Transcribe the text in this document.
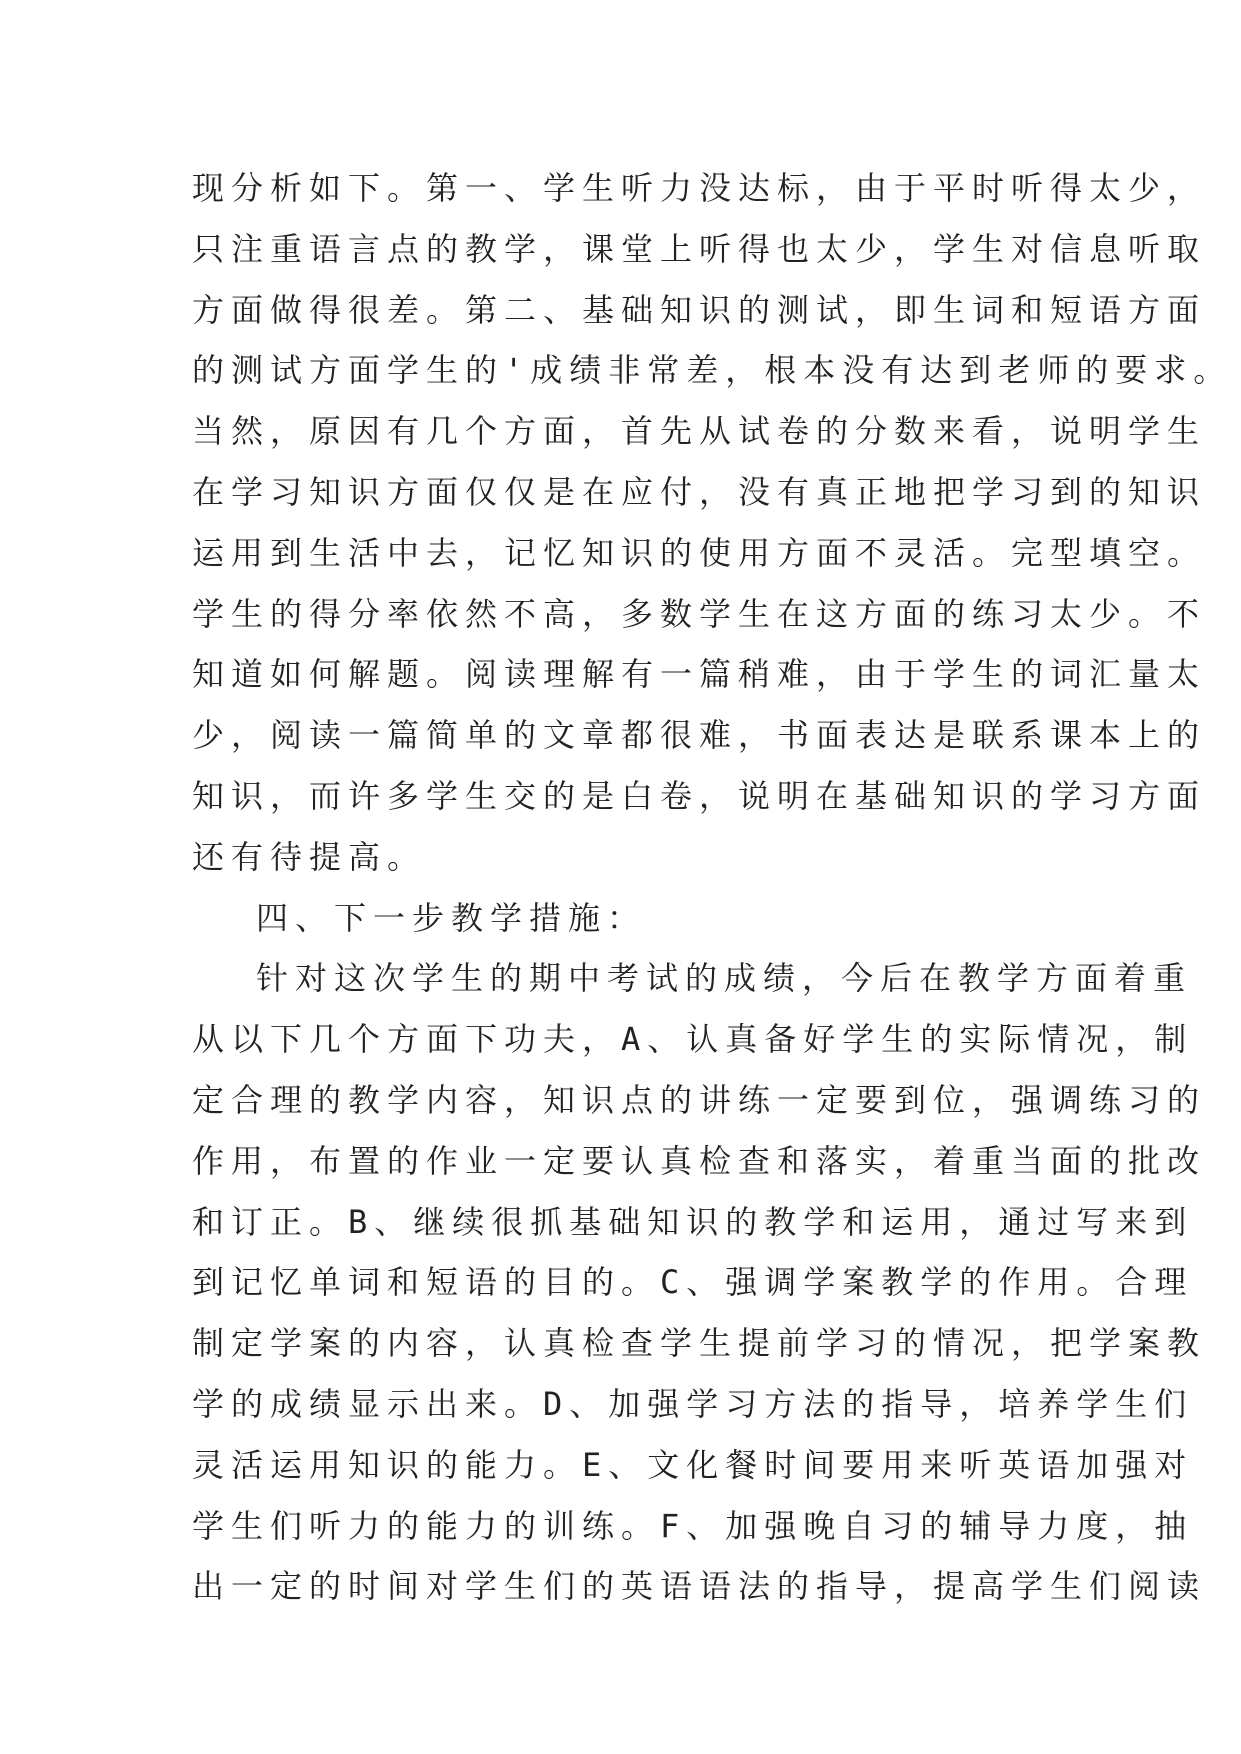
现分析如下。第一、学生听力没达标，由于平时听得太少，
只注重语言点的教学，课堂上听得也太少，学生对信息听取
方面做得很差。第二、基础知识的测试，即生词和短语方面
的测试方面学生的'成绩非常差，根本没有达到老师的要求。
当然，原因有几个方面，首先从试卷的分数来看，说明学生
在学习知识方面仅仅是在应付，没有真正地把学习到的知识
运用到生活中去，记忆知识的使用方面不灵活。完型填空。
学生的得分率依然不高，多数学生在这方面的练习太少。不
知道如何解题。阅读理解有一篇稍难，由于学生的词汇量太
少，阅读一篇简单的文章都很难，书面表达是联系课本上的
知识，而许多学生交的是白卷，说明在基础知识的学习方面
还有待提高。
四、下一步教学措施：
针对这次学生的期中考试的成绩，今后在教学方面着重
从以下几个方面下功夫，A、认真备好学生的实际情况，制
定合理的教学内容，知识点的讲练一定要到位，强调练习的
作用，布置的作业一定要认真检查和落实，着重当面的批改
和订正。B、继续很抓基础知识的教学和运用，通过写来到
到记忆单词和短语的目的。C、强调学案教学的作用。合理
制定学案的内容，认真检查学生提前学习的情况，把学案教
学的成绩显示出来。D、加强学习方法的指导，培养学生们
灵活运用知识的能力。E、文化餐时间要用来听英语加强对
学生们听力的能力的训练。F、加强晚自习的辅导力度，抽
出一定的时间对学生们的英语语法的指导，提高学生们阅读
